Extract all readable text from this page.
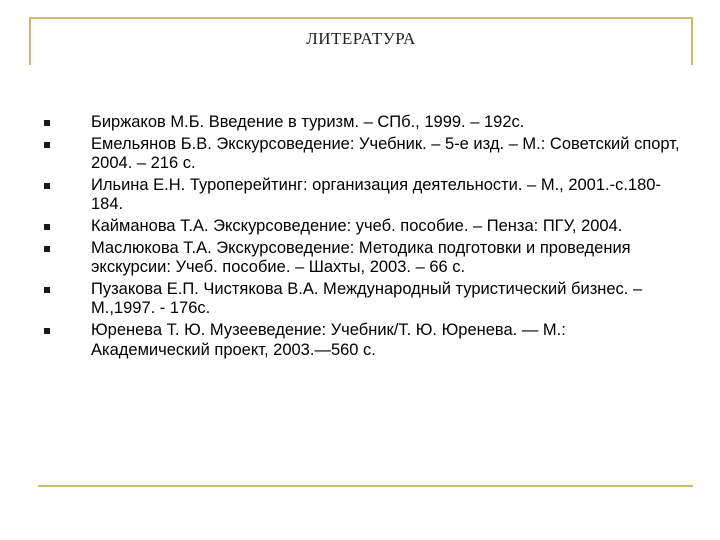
ЛИТЕРАТУРА
Биржаков М.Б. Введение в туризм. – СПб., 1999. – 192с.
Емельянов Б.В. Экскурсоведение: Учебник. – 5-е изд. – М.: Советский спорт, 2004. – 216 с.
Ильина Е.Н. Туроперейтинг: организация деятельности. – М., 2001.-с.180-184.
Кайманова Т.А. Экскурсоведение: учеб. пособие. – Пенза: ПГУ, 2004.
Маслюкова Т.А. Экскурсоведение: Методика подготовки и проведения экскурсии: Учеб. пособие. – Шахты, 2003. – 66 с.
Пузакова Е.П. Чистякова В.А. Международный туристический бизнес. – М.,1997. - 176с.
Юренева Т. Ю. Музееведение: Учебник/Т. Ю. Юренева. — М.: Академический проект, 2003.—560 с.
